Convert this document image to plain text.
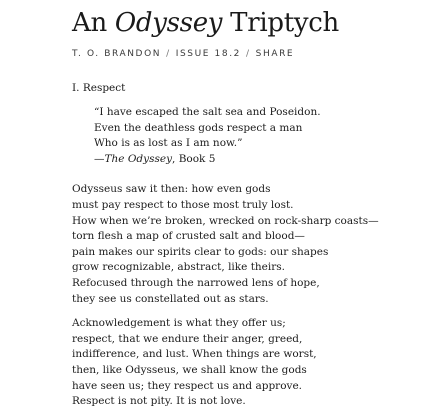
An Odyssey Triptych
T. O. BRANDON / ISSUE 18.2 / SHARE
I. Respect
“I have escaped the salt sea and Poseidon.
Even the deathless gods respect a man
Who is as lost as I am now.”
—The Odyssey, Book 5
Odysseus saw it then: how even gods
must pay respect to those most truly lost.
How when we’re broken, wrecked on rock-sharp coasts—
torn flesh a map of crusted salt and blood—
pain makes our spirits clear to gods: our shapes
grow recognizable, abstract, like theirs.
Refocused through the narrowed lens of hope,
they see us constellated out as stars.
Acknowledgement is what they offer us;
respect, that we endure their anger, greed,
indifference, and lust. When things are worst,
then, like Odysseus, we shall know the gods
have seen us; they respect us and approve.
Respect is not pity. It is not love.
